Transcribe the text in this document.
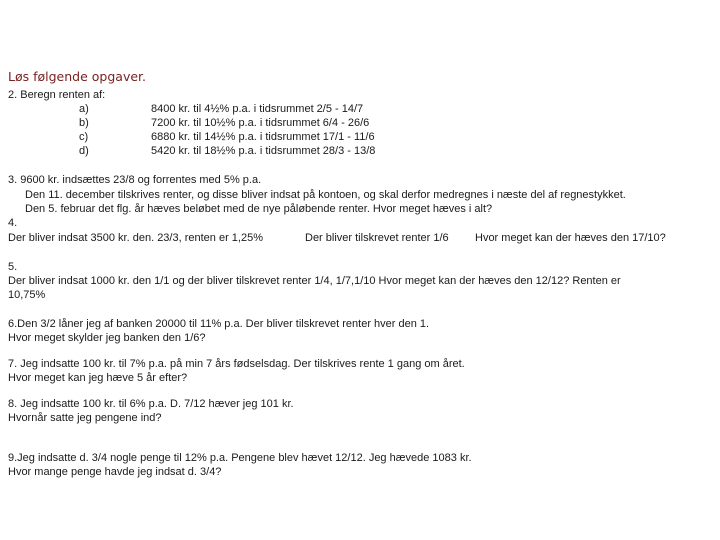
Løs følgende opgaver.
2. Beregn renten af:
a)	8400 kr. til 4½% p.a. i tidsrummet 2/5 - 14/7
b)	7200 kr. til 10½% p.a. i tidsrummet 6/4 - 26/6
c)	6880 kr. til 14½% p.a. i tidsrummet 17/1 - 11/6
d)	5420 kr. til 18½% p.a. i tidsrummet 28/3 - 13/8
3. 9600 kr. indsættes 23/8 og forrentes med 5% p.a.
Den 11. december tilskrives renter, og disse bliver indsat på kontoen, og skal derfor medregnes i næste del af regnestykket.
Den 5. februar det flg. år hæves beløbet med de nye påløbende renter. Hvor meget hæves i alt?
4.
Der bliver indsat 3500 kr. den. 23/3, renten er 1,25%	Der bliver tilskrevet renter 1/6 Hvor meget kan der hæves den 17/10?
5.
Der bliver indsat 1000 kr. den 1/1 og der bliver tilskrevet renter 1/4, 1/7,1/10 Hvor meget kan der hæves den 12/12? Renten er
10,75%
6.Den 3/2 låner jeg af banken 20000 til 11% p.a. Der bliver tilskrevet renter hver den 1.
Hvor meget skylder jeg banken den 1/6?
7. Jeg indsatte 100 kr. til 7% p.a. på min 7 års fødselsdag. Der tilskrives rente 1 gang om året.
Hvor meget kan jeg hæve 5 år efter?
8. Jeg indsatte 100 kr. til 6% p.a. D. 7/12 hæver jeg 101 kr.
Hvornår satte jeg pengene ind?
9.Jeg indsatte d. 3/4 nogle penge til 12% p.a. Pengene blev hævet 12/12. Jeg hævede 1083 kr.
Hvor mange penge havde jeg indsat d. 3/4?
